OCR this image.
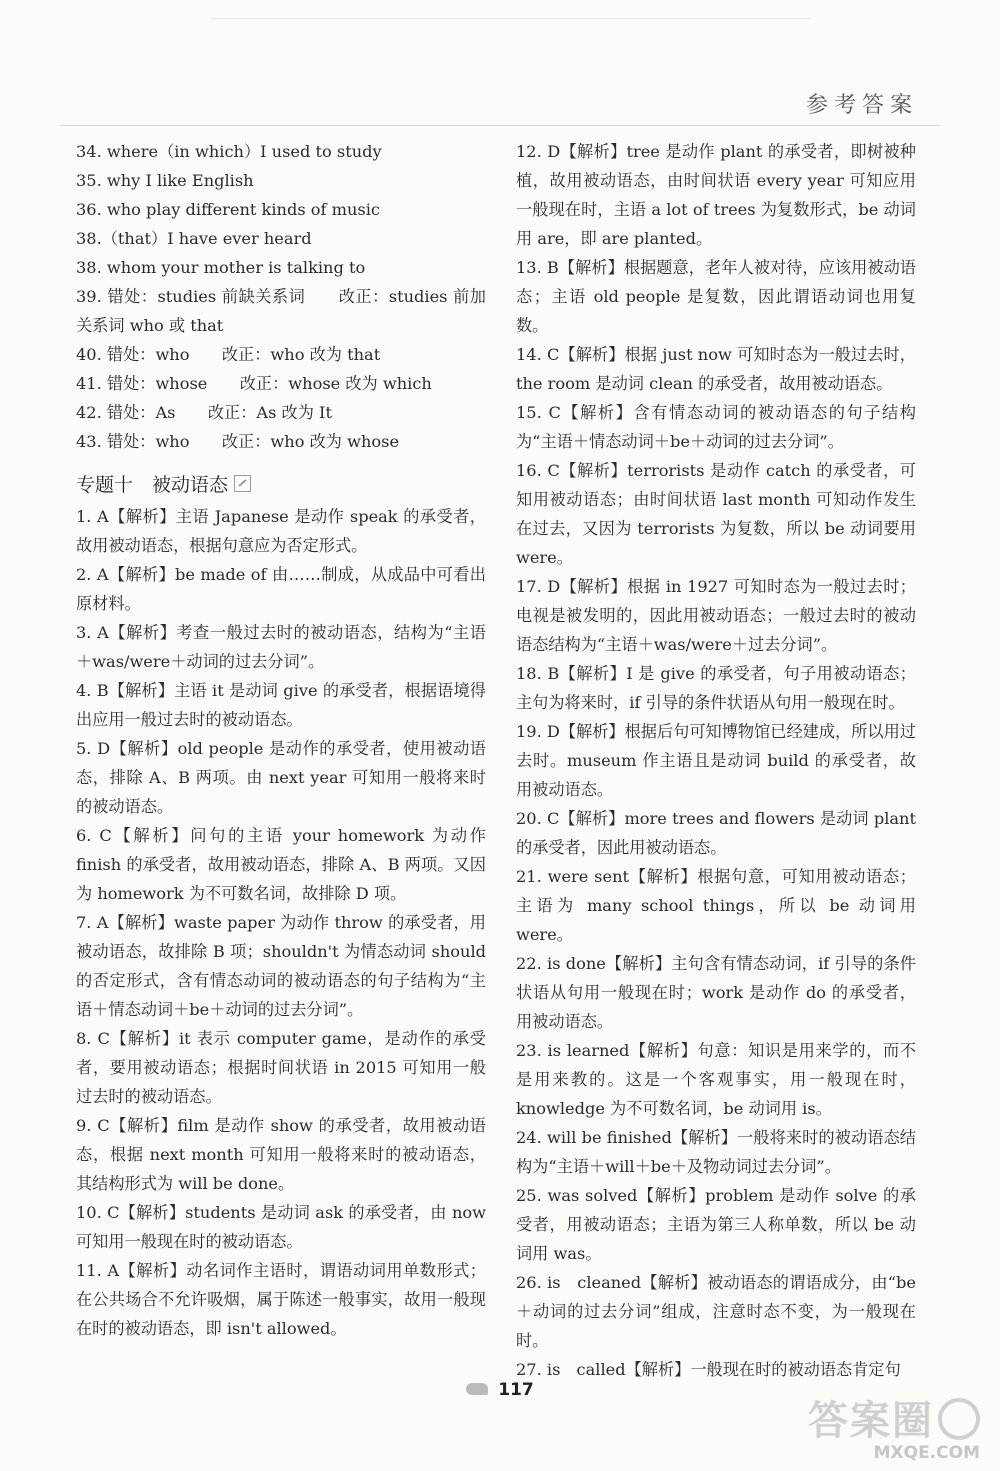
参考答案
34. where（in which）I used to study
35. why I like English
36. who play different kinds of music
38.（that）I have ever heard
38. whom your mother is talking to
39. 错处：studies 前缺关系词　　改正：studies 前加关系词 who 或 that
40. 错处：who　　改正：who 改为 that
41. 错处：whose　　改正：whose 改为 which
42. 错处：As　　改正：As 改为 It
43. 错处：who　　改正：who 改为 whose
专题十　被动语态
1. A【解析】主语 Japanese 是动作 speak 的承受者，故用被动语态，根据句意应为否定形式。
2. A【解析】be made of 由……制成，从成品中可看出原材料。
3. A【解析】考查一般过去时的被动语态，结构为“主语＋was/were＋动词的过去分词”。
4. B【解析】主语 it 是动词 give 的承受者，根据语境得出应用一般过去时的被动语态。
5. D【解析】old people 是动作的承受者，使用被动语态，排除 A、B 两项。由 next year 可知用一般将来时的被动语态。
6. C【解析】问句的主语 your homework 为动作 finish 的承受者，故用被动语态，排除 A、B 两项。又因为 homework 为不可数名词，故排除 D 项。
7. A【解析】waste paper 为动作 throw 的承受者，用被动语态，故排除 B 项；shouldn't 为情态动词 should 的否定形式，含有情态动词的被动语态的句子结构为“主语＋情态动词＋be＋动词的过去分词”。
8. C【解析】it 表示 computer game，是动作的承受者，要用被动语态；根据时间状语 in 2015 可知用一般过去时的被动语态。
9. C【解析】film 是动作 show 的承受者，故用被动语态，根据 next month 可知用一般将来时的被动语态，其结构形式为 will be done。
10. C【解析】students 是动词 ask 的承受者，由 now 可知用一般现在时的被动语态。
11. A【解析】动名词作主语时，谓语动词用单数形式；在公共场合不允许吸烟，属于陈述一般事实，故用一般现在时的被动语态，即 isn't allowed。
12. D【解析】tree 是动作 plant 的承受者，即树被种植，故用被动语态，由时间状语 every year 可知应用一般现在时，主语 a lot of trees 为复数形式，be 动词用 are，即 are planted。
13. B【解析】根据题意，老年人被对待，应该用被动语态；主语 old people 是复数，因此谓语动词也用复数。
14. C【解析】根据 just now 可知时态为一般过去时，the room 是动词 clean 的承受者，故用被动语态。
15. C【解析】含有情态动词的被动语态的句子结构为“主语＋情态动词＋be＋动词的过去分词”。
16. C【解析】terrorists 是动作 catch 的承受者，可知用被动语态；由时间状语 last month 可知动作发生在过去，又因为 terrorists 为复数，所以 be 动词要用 were。
17. D【解析】根据 in 1927 可知时态为一般过去时；电视是被发明的，因此用被动语态；一般过去时的被动语态结构为“主语＋was/were＋过去分词”。
18. B【解析】I 是 give 的承受者，句子用被动语态；主句为将来时，if 引导的条件状语从句用一般现在时。
19. D【解析】根据后句可知博物馆已经建成，所以用过去时。museum 作主语且是动词 build 的承受者，故用被动语态。
20. C【解析】more trees and flowers 是动词 plant 的承受者，因此用被动语态。
21. were sent【解析】根据句意，可知用被动语态；主语为 many school things，所以 be 动词用 were。
22. is done【解析】主句含有情态动词，if 引导的条件状语从句用一般现在时；work 是动作 do 的承受者，用被动语态。
23. is learned【解析】句意：知识是用来学的，而不是用来教的。这是一个客观事实，用一般现在时，knowledge 为不可数名词，be 动词用 is。
24. will be finished【解析】一般将来时的被动语态结构为“主语＋will＋be＋及物动词过去分词”。
25. was solved【解析】problem 是动作 solve 的承受者，用被动语态；主语为第三人称单数，所以 be 动词用 was。
26. is　cleaned【解析】被动语态的谓语成分，由“be＋动词的过去分词”组成，注意时态不变，为一般现在时。
27. is　called【解析】一般现在时的被动语态肯定句
117
答案圈
MXQE.COM
